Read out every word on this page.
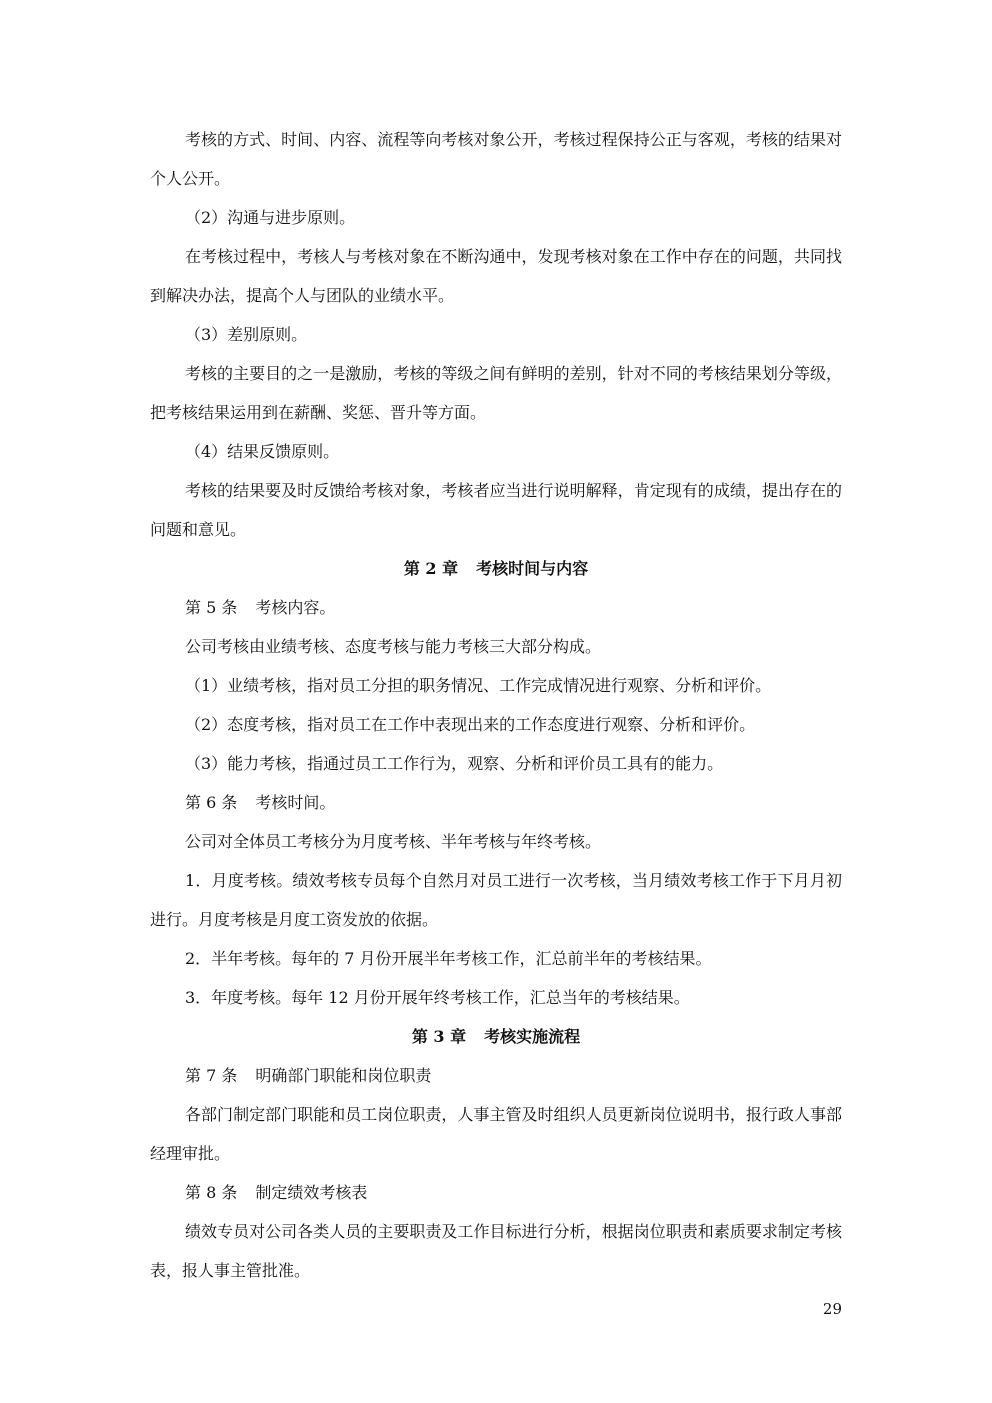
考核的方式、时间、内容、流程等向考核对象公开，考核过程保持公正与客观，考核的结果对个人公开。

（2）沟通与进步原则。

在考核过程中，考核人与考核对象在不断沟通中，发现考核对象在工作中存在的问题，共同找到解决办法，提高个人与团队的业绩水平。

（3）差别原则。

考核的主要目的之一是激励，考核的等级之间有鲜明的差别，针对不同的考核结果划分等级，把考核结果运用到在薪酬、奖惩、晋升等方面。

（4）结果反馈原则。

考核的结果要及时反馈给考核对象，考核者应当进行说明解释，肯定现有的成绩，提出存在的问题和意见。

第 2 章 考核时间与内容

第 5 条 考核内容。

公司考核由业绩考核、态度考核与能力考核三大部分构成。

（1）业绩考核，指对员工分担的职务情况、工作完成情况进行观察、分析和评价。

（2）态度考核，指对员工在工作中表现出来的工作态度进行观察、分析和评价。

（3）能力考核，指通过员工工作行为，观察、分析和评价员工具有的能力。

第 6 条 考核时间。

公司对全体员工考核分为月度考核、半年考核与年终考核。

1．月度考核。绩效考核专员每个自然月对员工进行一次考核，当月绩效考核工作于下月月初进行。月度考核是月度工资发放的依据。

2．半年考核。每年的 7 月份开展半年考核工作，汇总前半年的考核结果。

3．年度考核。每年 12 月份开展年终考核工作，汇总当年的考核结果。

第 3 章 考核实施流程

第 7 条 明确部门职能和岗位职责

各部门制定部门职能和员工岗位职责，人事主管及时组织人员更新岗位说明书，报行政人事部经理审批。

第 8 条 制定绩效考核表

绩效专员对公司各类人员的主要职责及工作目标进行分析，根据岗位职责和素质要求制定考核表，报人事主管批准。

29
